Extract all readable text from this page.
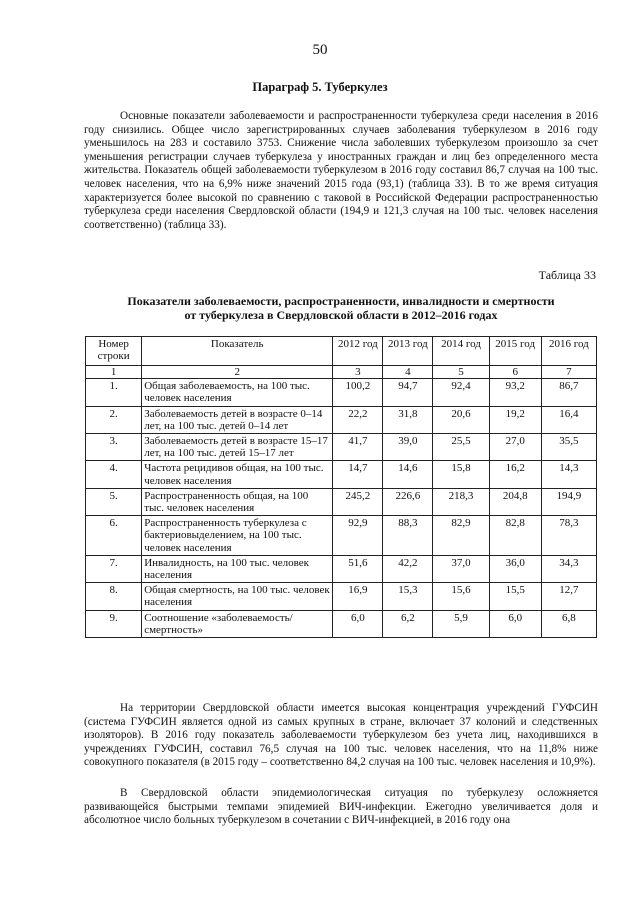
50
Параграф 5. Туберкулез

Основные показатели заболеваемости и распространенности туберкулеза среди населения в 2016 году снизились. Общее число зарегистрированных случаев заболевания туберкулезом в 2016 году уменьшилось на 283 и составило 3753. Снижение числа заболевших туберкулезом произошло за счет уменьшения регистрации случаев туберкулеза у иностранных граждан и лиц без определенного места жительства. Показатель общей заболеваемости туберкулезом в 2016 году составил 86,7 случая на 100 тыс. человек населения, что на 6,9% ниже значений 2015 года (93,1) (таблица 33). В то же время ситуация характеризуется более высокой по сравнению с таковой в Российской Федерации распространенностью туберкулеза среди населения Свердловской области (194,9 и 121,3 случая на 100 тыс. человек населения соответственно) (таблица 33).

Таблица 33
Показатели заболеваемости, распространенности, инвалидности и смертности
от туберкулеза в Свердловской области в 2012–2016 годах
Номер строки	Показатель	2012 год	2013 год	2014 год	2015 год	2016 год
1	2	3	4	5	6	7
1.	Общая заболеваемость, на 100 тыс. человек населения	100,2	94,7	92,4	93,2	86,7
2.	Заболеваемость детей в возрасте 0–14 лет, на 100 тыс. детей 0–14 лет	22,2	31,8	20,6	19,2	16,4
3.	Заболеваемость детей в возрасте 15–17 лет, на 100 тыс. детей 15–17 лет	41,7	39,0	25,5	27,0	35,5
4.	Частота рецидивов общая, на 100 тыс. человек населения	14,7	14,6	15,8	16,2	14,3
5.	Распространенность общая, на 100 тыс. человек населения	245,2	226,6	218,3	204,8	194,9
6.	Распространенность туберкулеза с бактериовыделением, на 100 тыс. человек населения	92,9	88,3	82,9	82,8	78,3
7.	Инвалидность, на 100 тыс. человек населения	51,6	42,2	37,0	36,0	34,3
8.	Общая смертность, на 100 тыс. человек населения	16,9	15,3	15,6	15,5	12,7
9.	Соотношение «заболеваемость/смертность»	6,0	6,2	5,9	6,0	6,8

На территории Свердловской области имеется высокая концентрация учреждений ГУФСИН (система ГУФСИН является одной из самых крупных в стране, включает 37 колоний и следственных изоляторов). В 2016 году показатель заболеваемости туберкулезом без учета лиц, находившихся в учреждениях ГУФСИН, составил 76,5 случая на 100 тыс. человек населения, что на 11,8% ниже совокупного показателя (в 2015 году – соответственно 84,2 случая на 100 тыс. человек населения и 10,9%).

В Свердловской области эпидемиологическая ситуация по туберкулезу осложняется развивающейся быстрыми темпами эпидемией ВИЧ-инфекции. Ежегодно увеличивается доля и абсолютное число больных туберкулезом в сочетании с ВИЧ-инфекцией, в 2016 году она
